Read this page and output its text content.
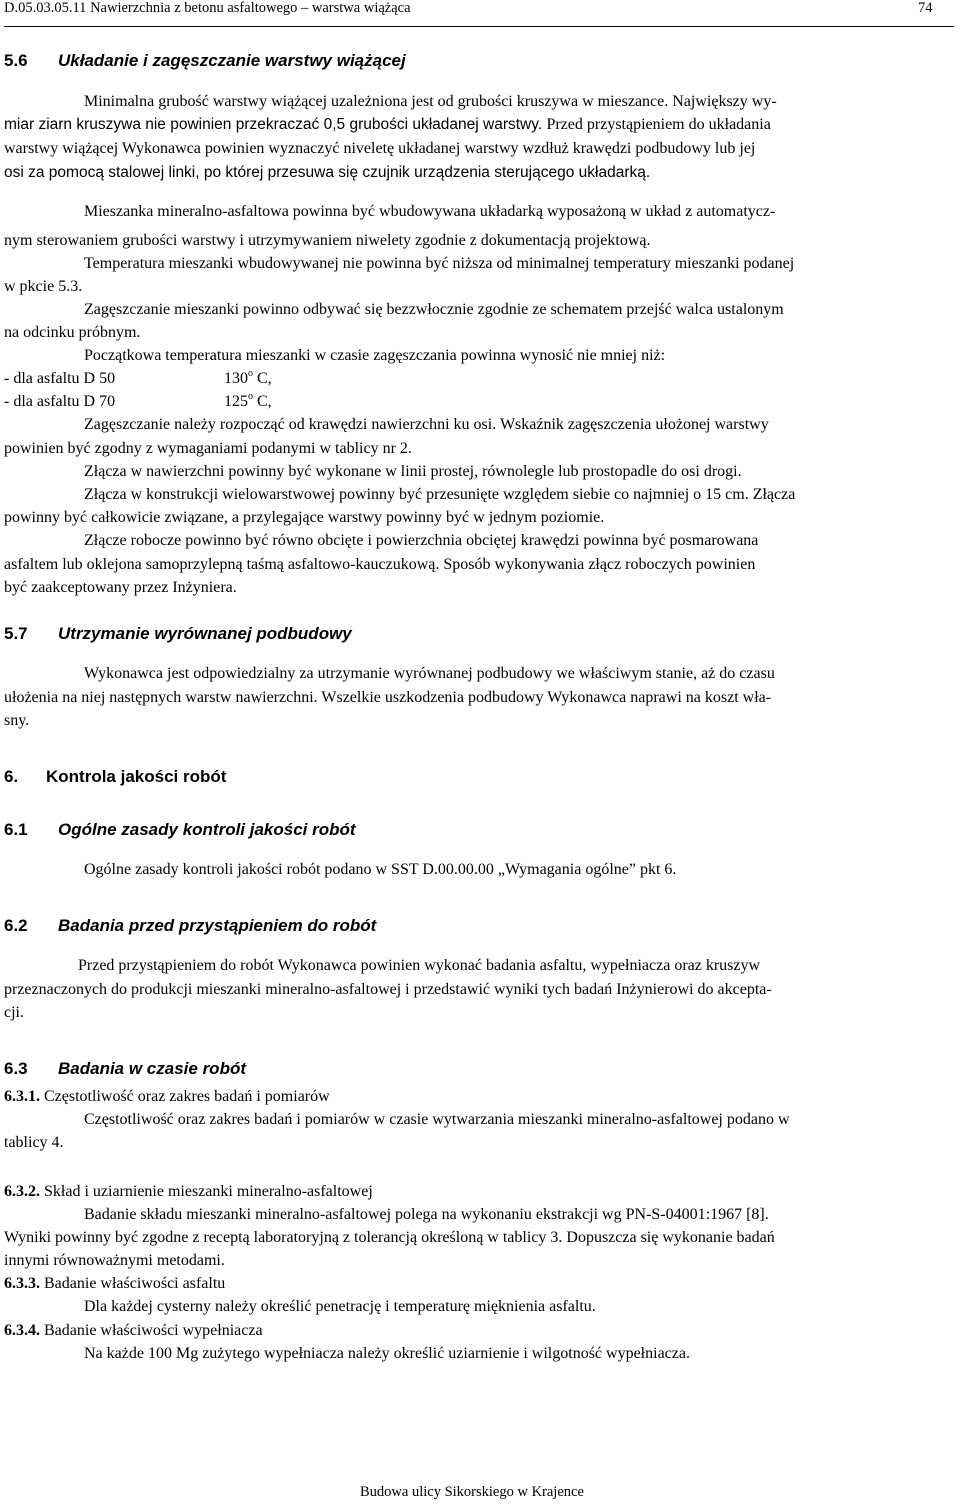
D.05.03.05.11 Nawierzchnia z betonu asfaltowego – warstwa wiążąca	74

5.6 Układanie i zagęszczanie warstwy wiążącej

Minimalna grubość warstwy wiążącej uzależniona jest od grubości kruszywa w mieszance. Największy wy-

miar ziarn kruszywa nie powinien przekraczać 0,5 grubości układanej warstwy. Przed przystąpieniem do układania

warstwy wiążącej Wykonawca powinien wyznaczyć niveletę układanej warstwy wzdłuż krawędzi podbudowy lub jej

osi za pomocą stalowej linki, po której przesuwa się czujnik urządzenia sterującego układarką.

Mieszanka mineralno-asfaltowa powinna być wbudowywana układarką wyposażoną w układ z automatycz-

nym sterowaniem grubości warstwy i utrzymywaniem niwelety zgodnie z dokumentacją projektową.

Temperatura mieszanki wbudowywanej nie powinna być niższa od minimalnej temperatury mieszanki podanej

w pkcie 5.3.

Zagęszczanie mieszanki powinno odbywać się bezzwłocznie zgodnie ze schematem przejść walca ustalonym

na odcinku próbnym.

Początkowa temperatura mieszanki w czasie zagęszczania powinna wynosić nie mniej niż:

- dla asfaltu D 50	130$^o$ C,

- dla asfaltu D 70	125$^o$ C,

Zagęszczanie należy rozpocząć od krawędzi nawierzchni ku osi. Wskaźnik zagęszczenia ułożonej warstwy

powinien być zgodny z wymaganiami podanymi w tablicy nr 2.

Złącza w nawierzchni powinny być wykonane w linii prostej, równolegle lub prostopadle do osi drogi.

Złącza w konstrukcji wielowarstwowej powinny być przesunięte względem siebie co najmniej o 15 cm. Złącza

powinny być całkowicie związane, a przylegające warstwy powinny być w jednym poziomie.

Złącze robocze powinno być równo obcięte i powierzchnia obciętej krawędzi powinna być posmarowana

asfaltem lub oklejona samoprzylepną taśmą asfaltowo-kauczukową. Sposób wykonywania złącz roboczych powinien

być zaakceptowany przez Inżyniera.

5.7 Utrzymanie wyrównanej podbudowy

Wykonawca jest odpowiedzialny za utrzymanie wyrównanej podbudowy we właściwym stanie, aż do czasu

ułożenia na niej następnych warstw nawierzchni. Wszelkie uszkodzenia podbudowy Wykonawca naprawi na koszt wła-

sny.

6. Kontrola jakości robót

6.1 Ogólne zasady kontroli jakości robót

Ogólne zasady kontroli jakości robót podano w SST D.00.00.00 „Wymagania ogólne” pkt 6.

6.2 Badania przed przystąpieniem do robót

Przed przystąpieniem do robót Wykonawca powinien wykonać badania asfaltu, wypełniacza oraz kruszyw

przeznaczonych do produkcji mieszanki mineralno-asfaltowej i przedstawić wyniki tych badań Inżynierowi do akcepta-

cji.

6.3 Badania w czasie robót

6.3.1. Częstotliwość oraz zakres badań i pomiarów

Częstotliwość oraz zakres badań i pomiarów w czasie wytwarzania mieszanki mineralno-asfaltowej podano w

tablicy 4.

6.3.2. Skład i uziarnienie mieszanki mineralno-asfaltowej

Badanie składu mieszanki mineralno-asfaltowej polega na wykonaniu ekstrakcji wg PN-S-04001:1967 [8].

Wyniki powinny być zgodne z receptą laboratoryjną z tolerancją określoną w tablicy 3. Dopuszcza się wykonanie badań

innymi równoważnymi metodami.

6.3.3. Badanie właściwości asfaltu

Dla każdej cysterny należy określić penetrację i temperaturę mięknienia asfaltu.

6.3.4. Badanie właściwości wypełniacza

Na każde 100 Mg zużytego wypełniacza należy określić uziarnienie i wilgotność wypełniacza.

Budowa ulicy Sikorskiego w Krajence
